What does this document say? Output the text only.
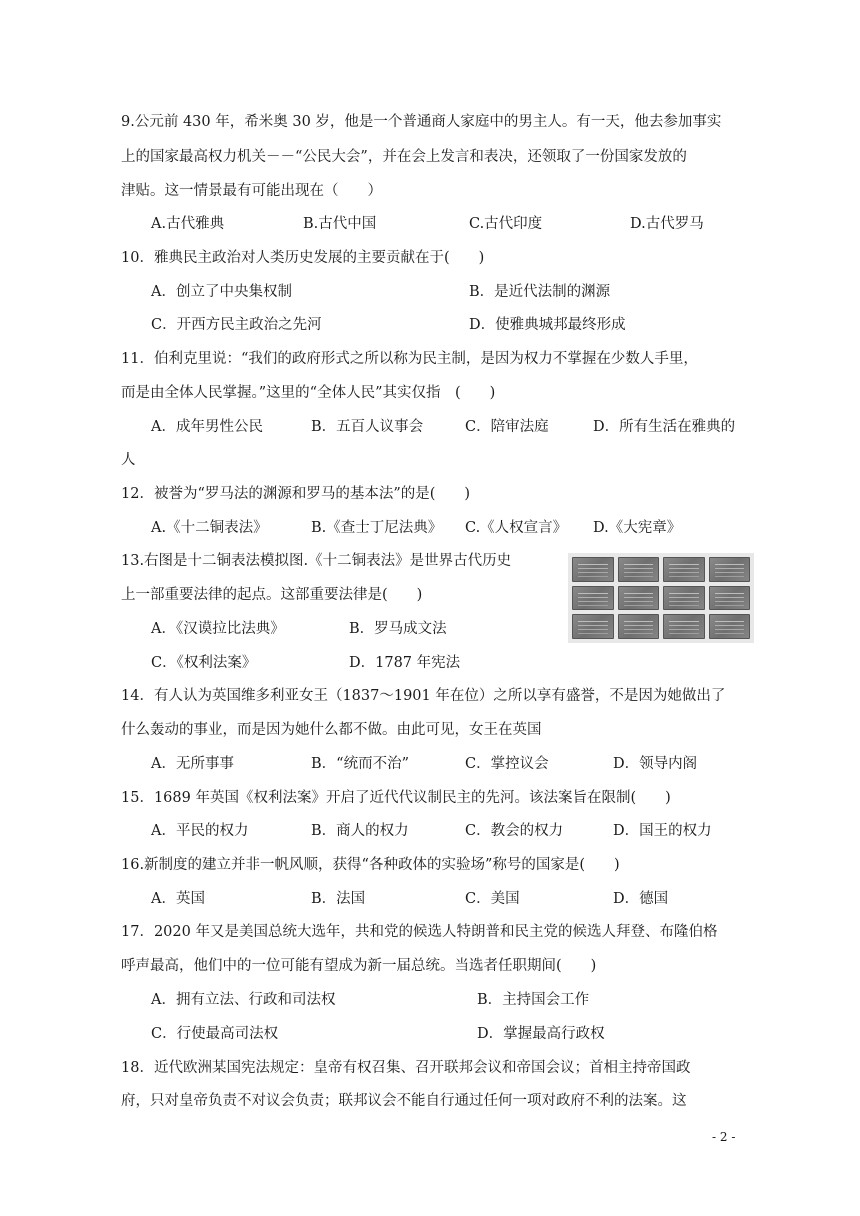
9.公元前 430 年，希米奥 30 岁，他是一个普通商人家庭中的男主人。有一天，他去参加事实
上的国家最高权力机关－－“公民大会”，并在会上发言和表决，还领取了一份国家发放的
津贴。这一情景最有可能出现在（　　）
A.古代雅典	B.古代中国	C.古代印度	D.古代罗马
10．雅典民主政治对人类历史发展的主要贡献在于(　　)
A．创立了中央集权制	B．是近代法制的渊源
C．开西方民主政治之先河	D．使雅典城邦最终形成
11．伯利克里说：“我们的政府形式之所以称为民主制，是因为权力不掌握在少数人手里，
而是由全体人民掌握。”这里的“全体人民”其实仅指　(　　)
A．成年男性公民	B．五百人议事会	C．陪审法庭	D．所有生活在雅典的
人
12．被誉为“罗马法的渊源和罗马的基本法”的是(　　)
A.《十二铜表法》	B.《查士丁尼法典》 C.《人权宣言》 D.《大宪章》
13.右图是十二铜表法模拟图.《十二铜表法》是世界古代历史
上一部重要法律的起点。这部重要法律是(　　)
A．《汉谟拉比法典》	B．罗马成文法
C．《权利法案》	D．1787 年宪法
14．有人认为英国维多利亚女王（1837～1901 年在位）之所以享有盛誉，不是因为她做出了
什么轰动的事业，而是因为她什么都不做。由此可见，女王在英国
A．无所事事	B．“统而不治”	C．掌控议会	D．领导内阁
15．1689 年英国《权利法案》开启了近代代议制民主的先河。该法案旨在限制(　　)
A．平民的权力	B．商人的权力	C．教会的权力	D．国王的权力
16.新制度的建立并非一帆风顺，获得“各种政体的实验场”称号的国家是(　　)
A．英国	B．法国	C．美国	D．德国
17．2020 年又是美国总统大选年，共和党的候选人特朗普和民主党的候选人拜登、布隆伯格
呼声最高，他们中的一位可能有望成为新一届总统。当选者任职期间(　　)
A．拥有立法、行政和司法权	B．主持国会工作
C．行使最高司法权	D．掌握最高行政权
18．近代欧洲某国宪法规定：皇帝有权召集、召开联邦会议和帝国会议；首相主持帝国政
府，只对皇帝负责不对议会负责；联邦议会不能自行通过任何一项对政府不利的法案。这
- 2 -
